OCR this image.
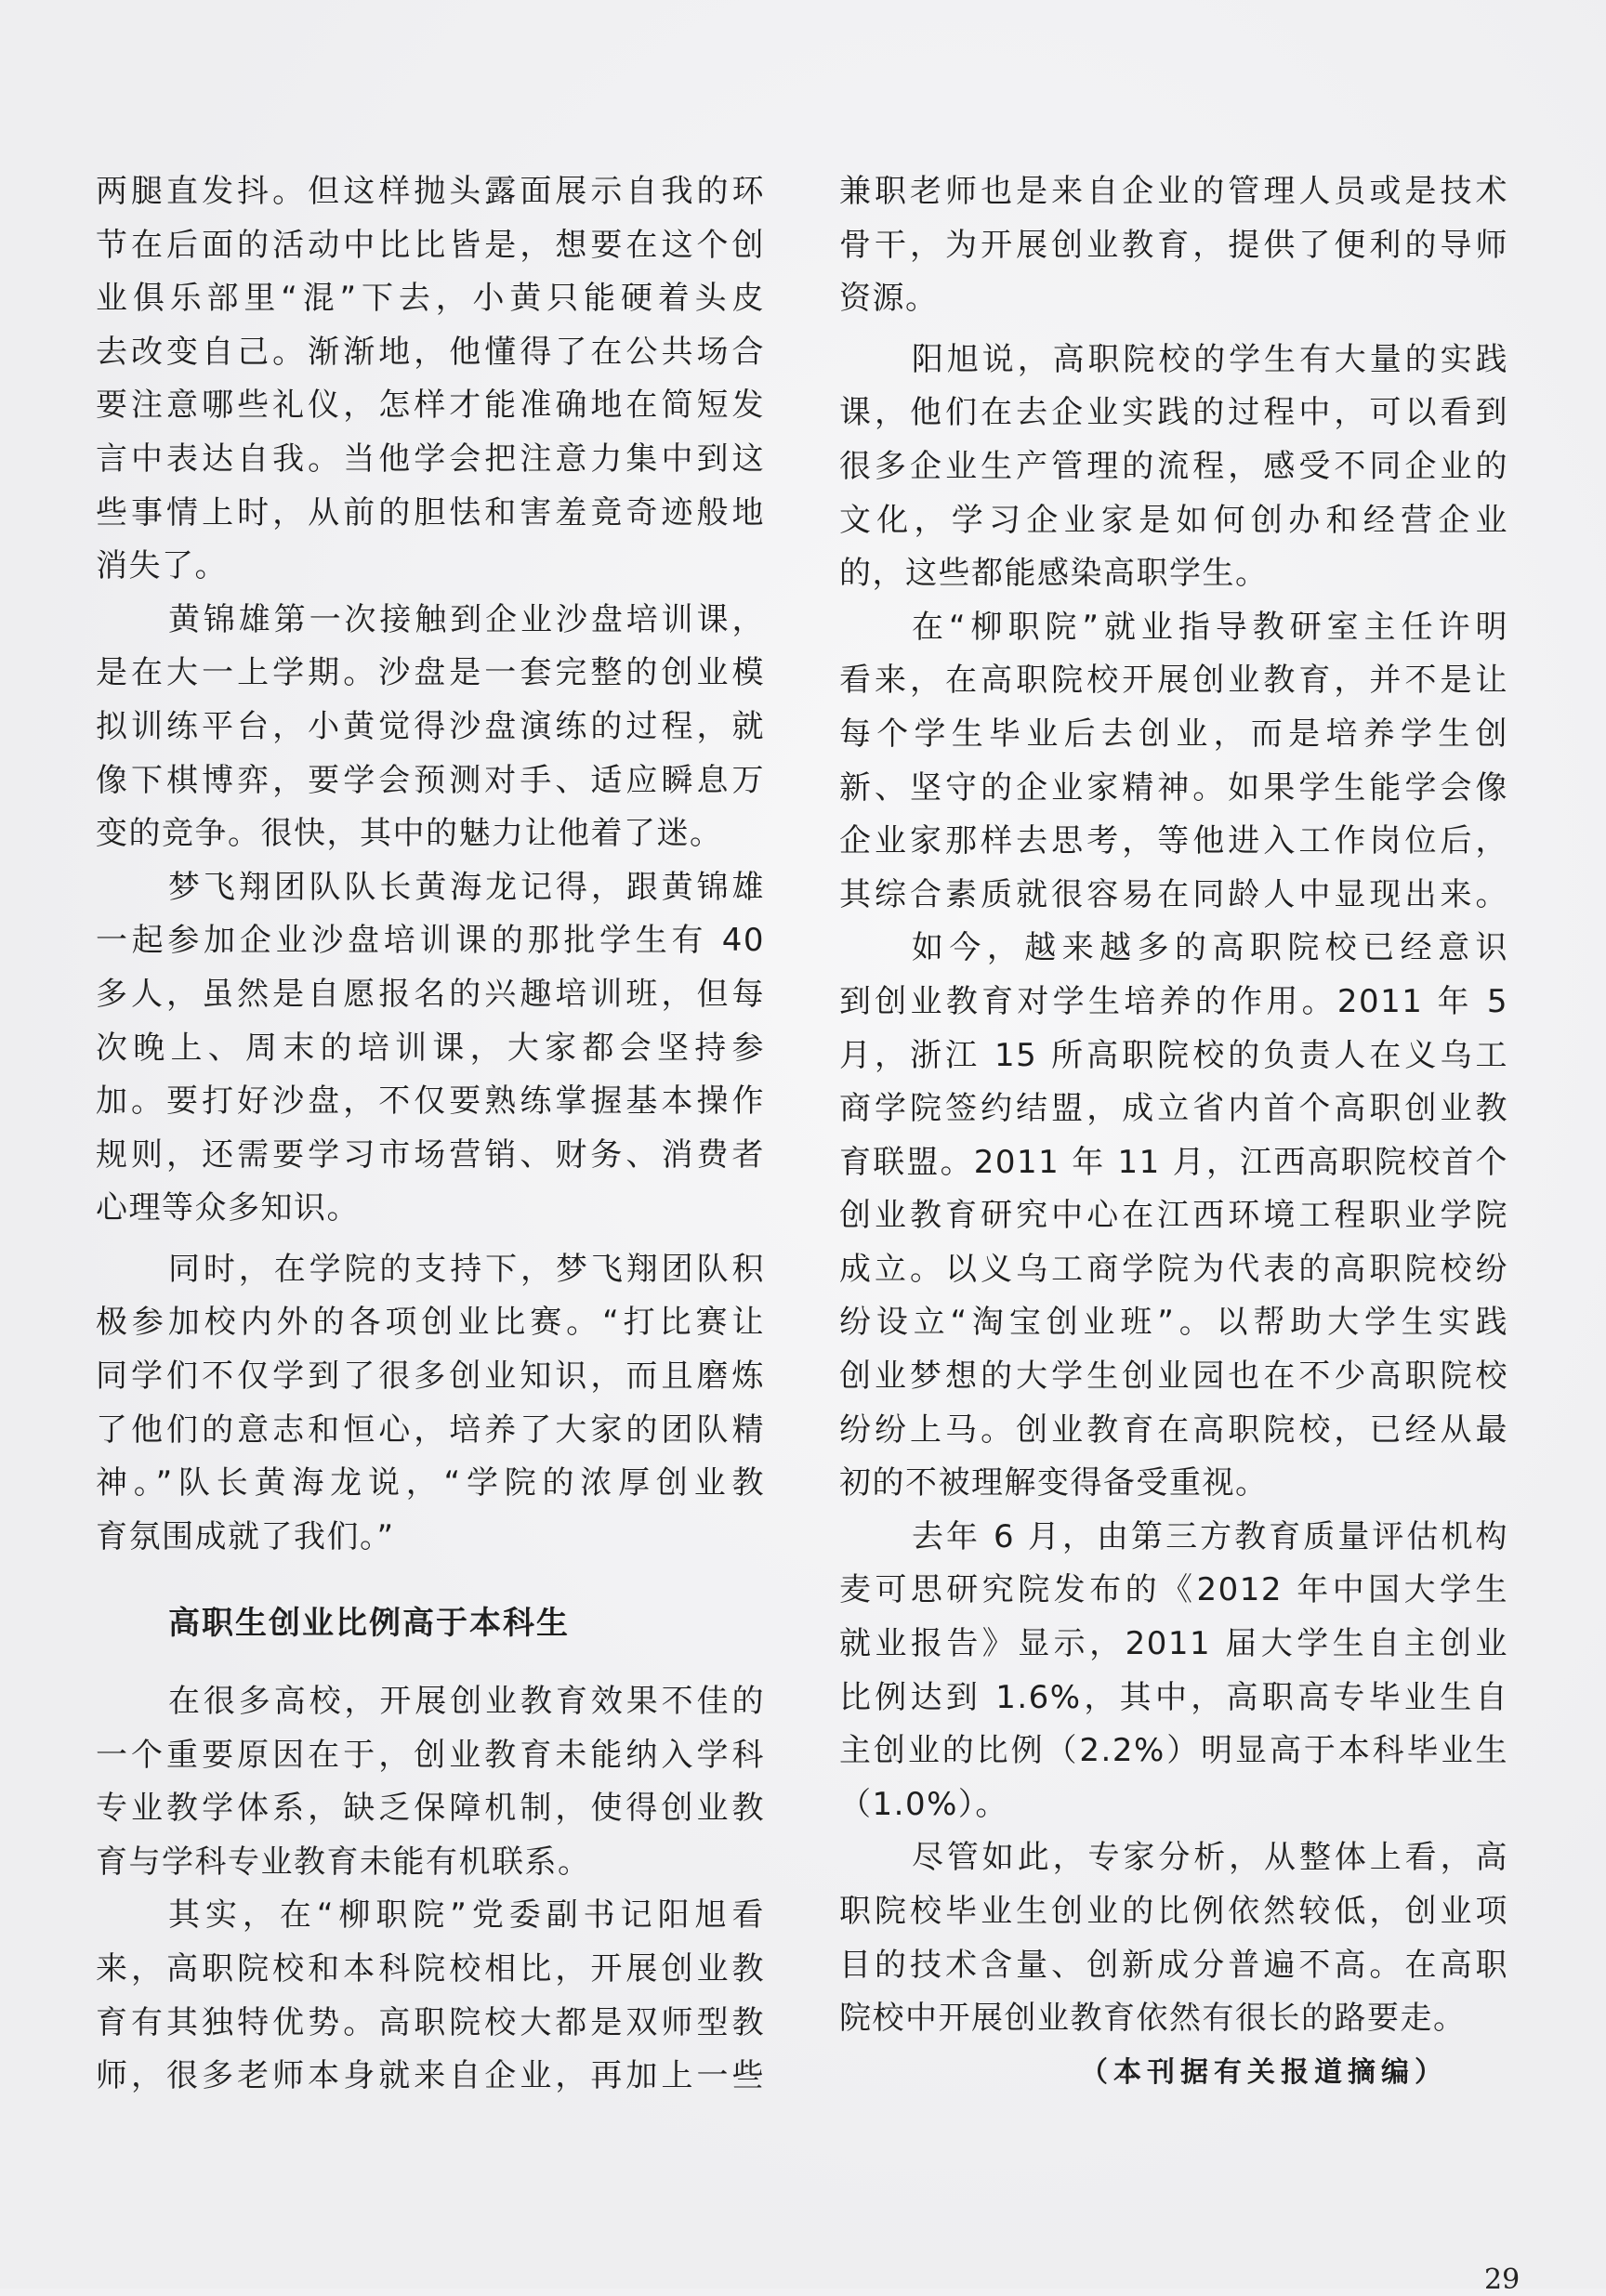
两腿直发抖。但这样抛头露面展示自我的环
节在后面的活动中比比皆是，想要在这个创
业俱乐部里“混”下去，小黄只能硬着头皮
去改变自己。渐渐地，他懂得了在公共场合
要注意哪些礼仪，怎样才能准确地在简短发
言中表达自我。当他学会把注意力集中到这
些事情上时，从前的胆怯和害羞竟奇迹般地
消失了。
黄锦雄第一次接触到企业沙盘培训课，
是在大一上学期。沙盘是一套完整的创业模
拟训练平台，小黄觉得沙盘演练的过程，就
像下棋博弈，要学会预测对手、适应瞬息万
变的竞争。很快，其中的魅力让他着了迷。
梦飞翔团队队长黄海龙记得，跟黄锦雄
一起参加企业沙盘培训课的那批学生有 40
多人，虽然是自愿报名的兴趣培训班，但每
次晚上、周末的培训课，大家都会坚持参
加。要打好沙盘，不仅要熟练掌握基本操作
规则，还需要学习市场营销、财务、消费者
心理等众多知识。
同时，在学院的支持下，梦飞翔团队积
极参加校内外的各项创业比赛。“打比赛让
同学们不仅学到了很多创业知识，而且磨炼
了他们的意志和恒心，培养了大家的团队精
神。”队长黄海龙说，“学院的浓厚创业教
育氛围成就了我们。”
高职生创业比例高于本科生
在很多高校，开展创业教育效果不佳的
一个重要原因在于，创业教育未能纳入学科
专业教学体系，缺乏保障机制，使得创业教
育与学科专业教育未能有机联系。
其实，在“柳职院”党委副书记阳旭看
来，高职院校和本科院校相比，开展创业教
育有其独特优势。高职院校大都是双师型教
师，很多老师本身就来自企业，再加上一些
兼职老师也是来自企业的管理人员或是技术
骨干，为开展创业教育，提供了便利的导师
资源。
阳旭说，高职院校的学生有大量的实践
课，他们在去企业实践的过程中，可以看到
很多企业生产管理的流程，感受不同企业的
文化，学习企业家是如何创办和经营企业
的，这些都能感染高职学生。
在“柳职院”就业指导教研室主任许明
看来，在高职院校开展创业教育，并不是让
每个学生毕业后去创业，而是培养学生创
新、坚守的企业家精神。如果学生能学会像
企业家那样去思考，等他进入工作岗位后，
其综合素质就很容易在同龄人中显现出来。
如今，越来越多的高职院校已经意识
到创业教育对学生培养的作用。2011 年 5
月，浙江 15 所高职院校的负责人在义乌工
商学院签约结盟，成立省内首个高职创业教
育联盟。2011 年 11 月，江西高职院校首个
创业教育研究中心在江西环境工程职业学院
成立。以义乌工商学院为代表的高职院校纷
纷设立“淘宝创业班”。以帮助大学生实践
创业梦想的大学生创业园也在不少高职院校
纷纷上马。创业教育在高职院校，已经从最
初的不被理解变得备受重视。
去年 6 月，由第三方教育质量评估机构
麦可思研究院发布的《2012 年中国大学生
就业报告》显示，2011 届大学生自主创业
比例达到 1.6%，其中，高职高专毕业生自
主创业的比例（2.2%）明显高于本科毕业生
（1.0%）。
尽管如此，专家分析，从整体上看，高
职院校毕业生创业的比例依然较低，创业项
目的技术含量、创新成分普遍不高。在高职
院校中开展创业教育依然有很长的路要走。
（本刊据有关报道摘编）
29
